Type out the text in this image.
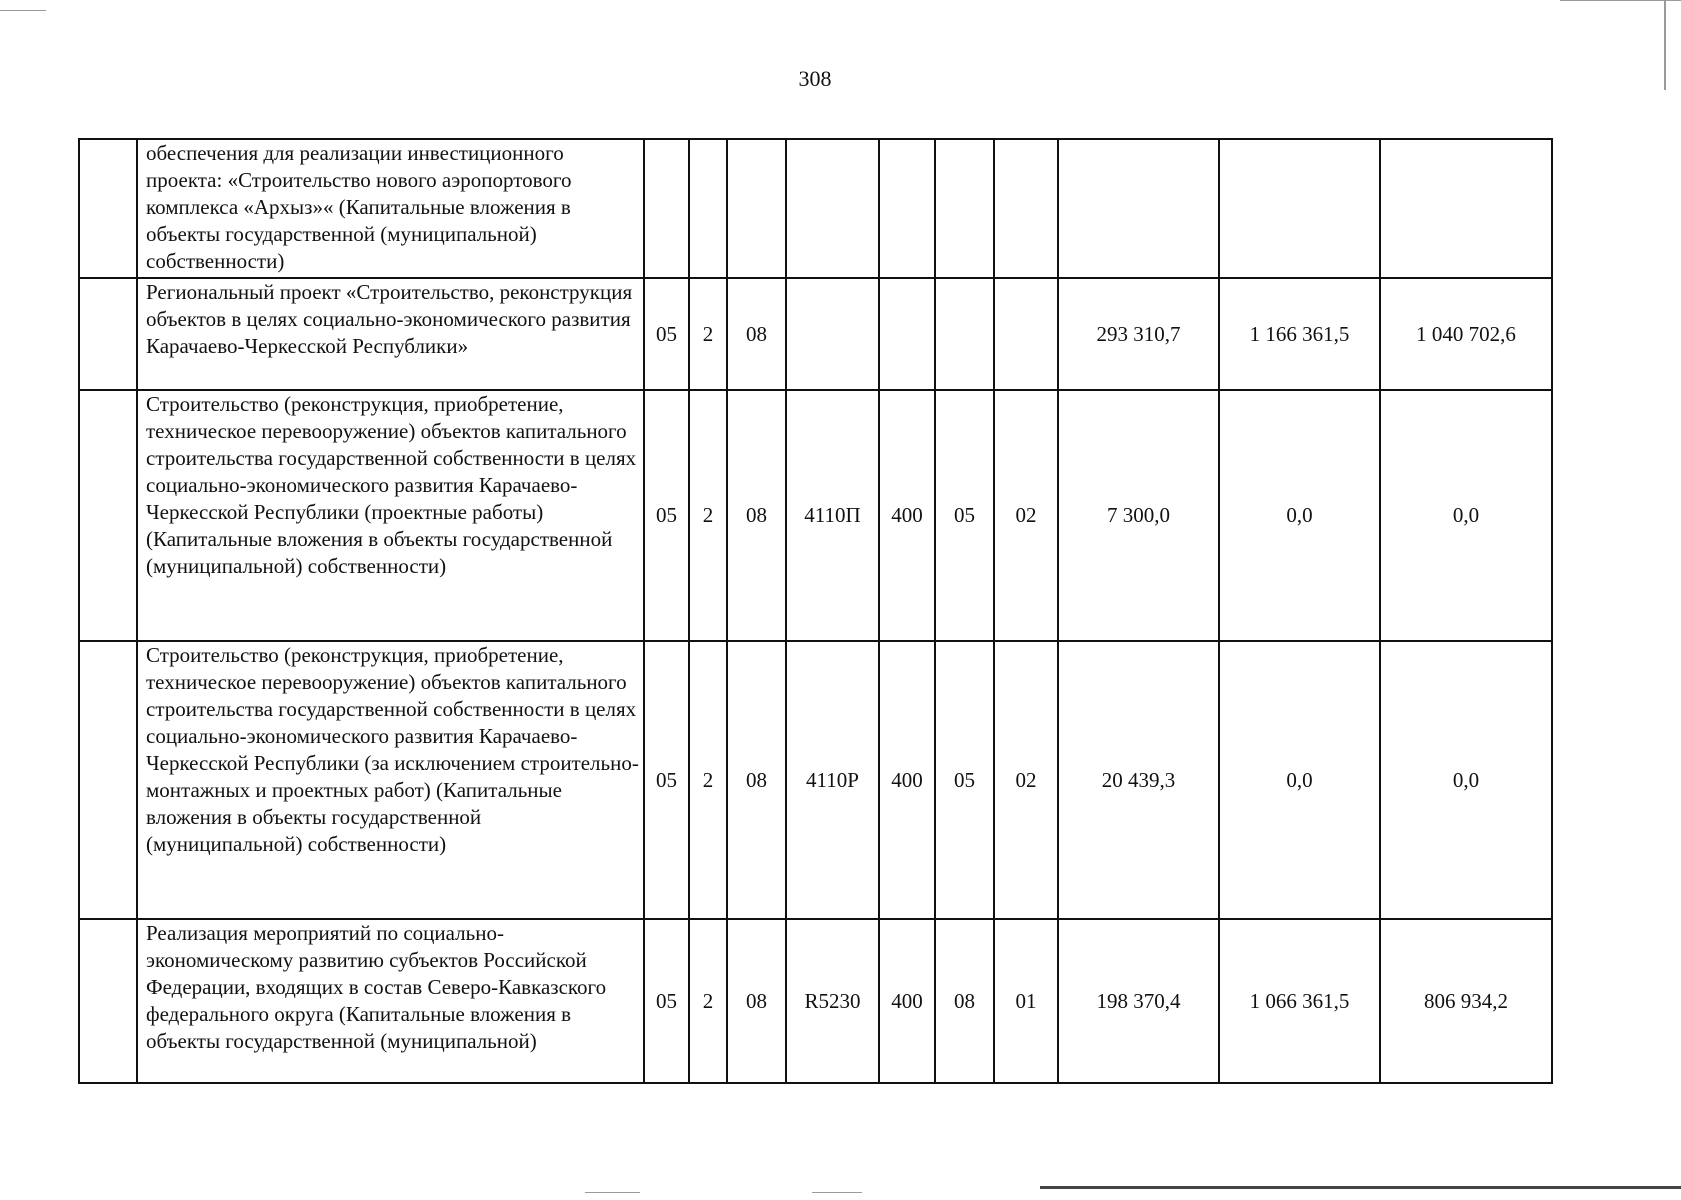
308
	обеспечения для реализации инвестиционного проекта: «Строительство нового аэропортового комплекса «Архыз»« (Капитальные вложения в объекты государственной (муниципальной) собственности)										
	Региональный проект «Строительство, реконструкция объектов в целях социально-экономического развития Карачаево-Черкесской Республики»	05	2	08					293 310,7	1 166 361,5	1 040 702,6
	Строительство (реконструкция, приобретение, техническое перевооружение) объектов капитального строительства государственной собственности в целях социально-экономического развития Карачаево-Черкесской Республики (проектные работы) (Капитальные вложения в объекты государственной (муниципальной) собственности)	05	2	08	4110П	400	05	02	7 300,0	0,0	0,0
	Строительство (реконструкция, приобретение, техническое перевооружение) объектов капитального строительства государственной собственности в целях социально-экономического развития Карачаево-Черкесской Республики (за исключением строительно-монтажных и проектных работ) (Капитальные вложения в объекты государственной (муниципальной) собственности)	05	2	08	4110Р	400	05	02	20 439,3	0,0	0,0
	Реализация мероприятий по социально-экономическому развитию субъектов Российской Федерации, входящих в состав Северо-Кавказского федерального округа (Капитальные вложения в объекты государственной (муниципальной)	05	2	08	R5230	400	08	01	198 370,4	1 066 361,5	806 934,2
